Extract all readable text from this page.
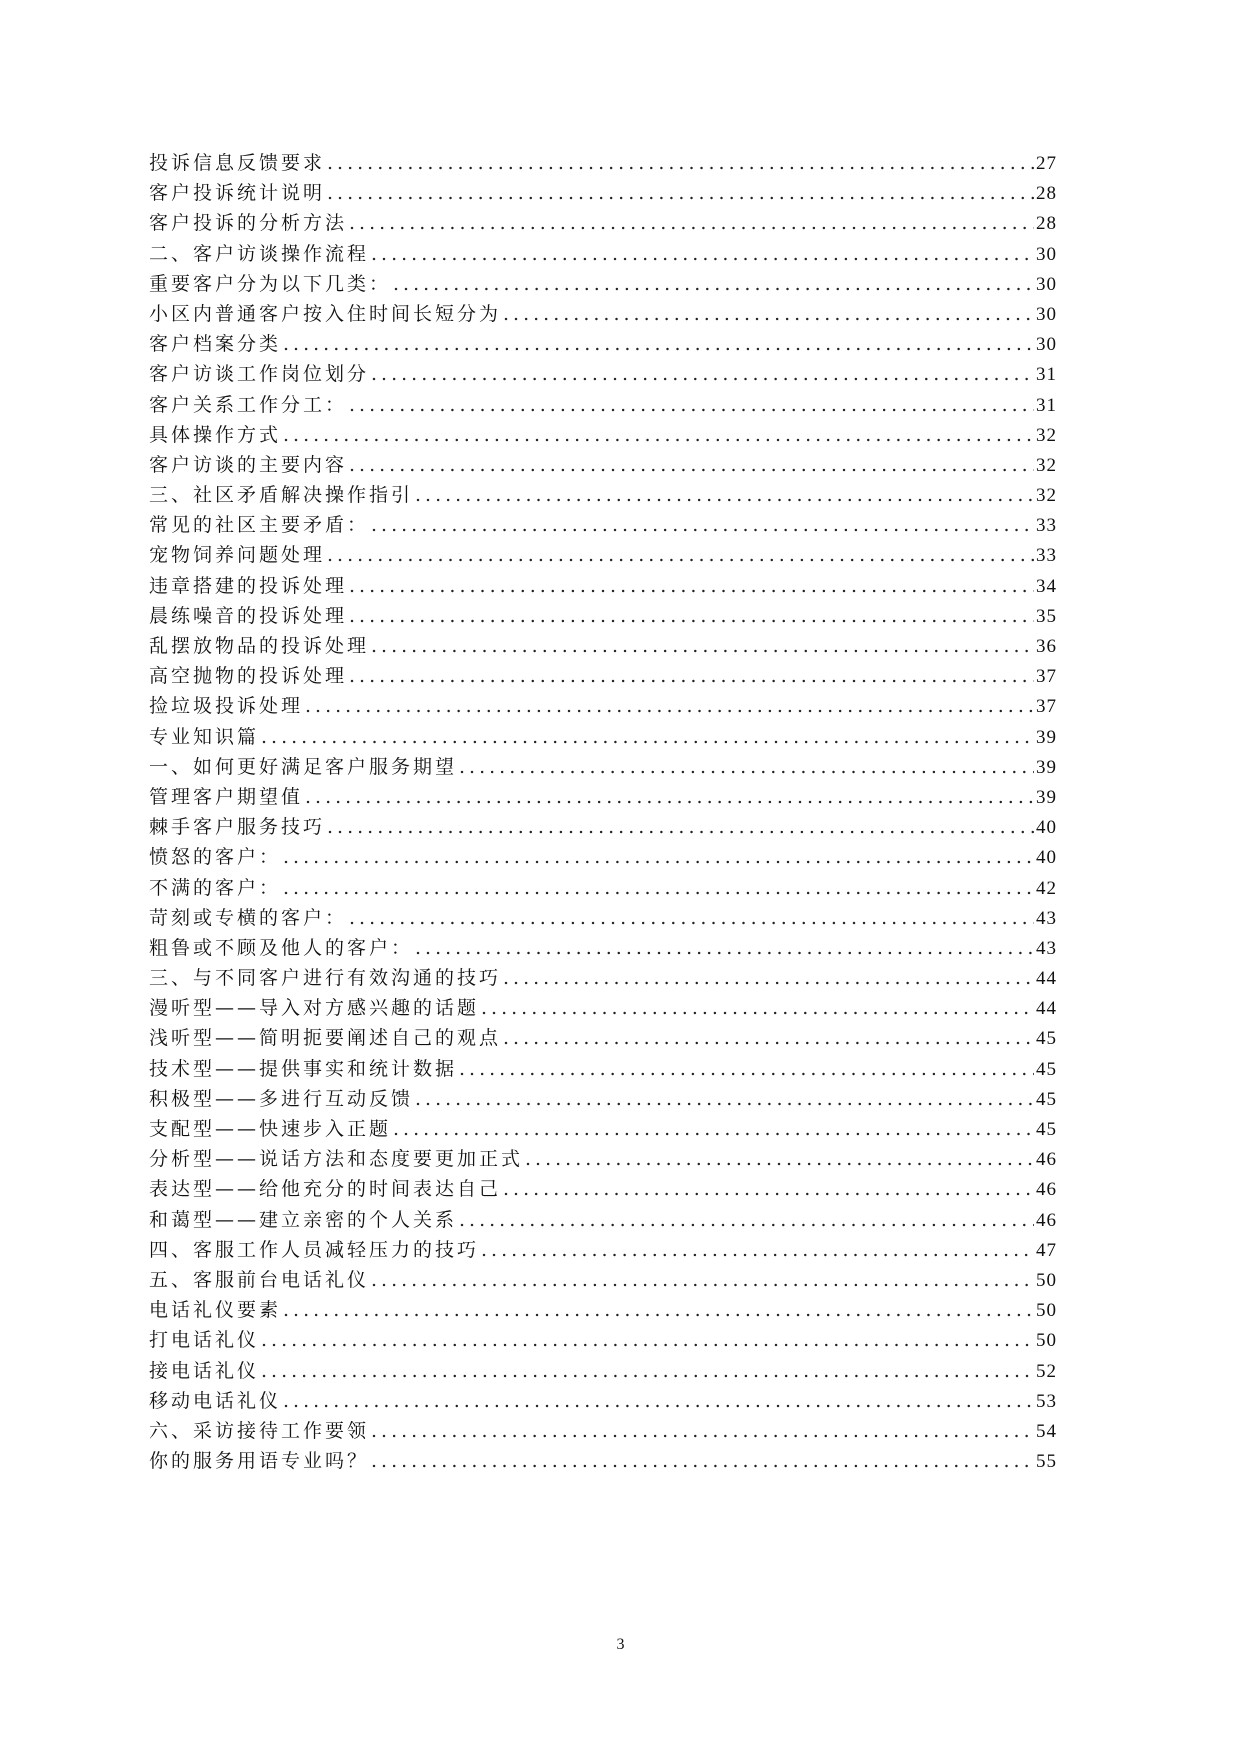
投诉信息反馈要求 .....	27
客户投诉统计说明 .....	28
客户投诉的分析方法 .....	28
二、客户访谈操作流程 .....	30
重要客户分为以下几类： .....	30
小区内普通客户按入住时间长短分为 .....	30
客户档案分类 .....	30
客户访谈工作岗位划分 .....	31
客户关系工作分工： .....	31
具体操作方式 .....	32
客户访谈的主要内容 .....	32
三、社区矛盾解决操作指引 .....	32
常见的社区主要矛盾： .....	33
宠物饲养问题处理 .....	33
违章搭建的投诉处理 .....	34
晨练噪音的投诉处理 .....	35
乱摆放物品的投诉处理 .....	36
高空抛物的投诉处理 .....	37
捡垃圾投诉处理 .....	37
专业知识篇 .....	39
一、如何更好满足客户服务期望 .....	39
管理客户期望值 .....	39
棘手客户服务技巧 .....	40
愤怒的客户： .....	40
不满的客户： .....	42
苛刻或专横的客户： .....	43
粗鲁或不顾及他人的客户： .....	43
三、与不同客户进行有效沟通的技巧 .....	44
漫听型——导入对方感兴趣的话题 .....	44
浅听型——简明扼要阐述自己的观点 .....	45
技术型——提供事实和统计数据 .....	45
积极型——多进行互动反馈 .....	45
支配型——快速步入正题 .....	45
分析型——说话方法和态度要更加正式 .....	46
表达型——给他充分的时间表达自己 .....	46
和蔼型——建立亲密的个人关系 .....	46
四、客服工作人员减轻压力的技巧 .....	47
五、客服前台电话礼仪 .....	50
电话礼仪要素 .....	50
打电话礼仪 .....	50
接电话礼仪 .....	52
移动电话礼仪 .....	53
六、采访接待工作要领 .....	54
你的服务用语专业吗？ .....	55
3
